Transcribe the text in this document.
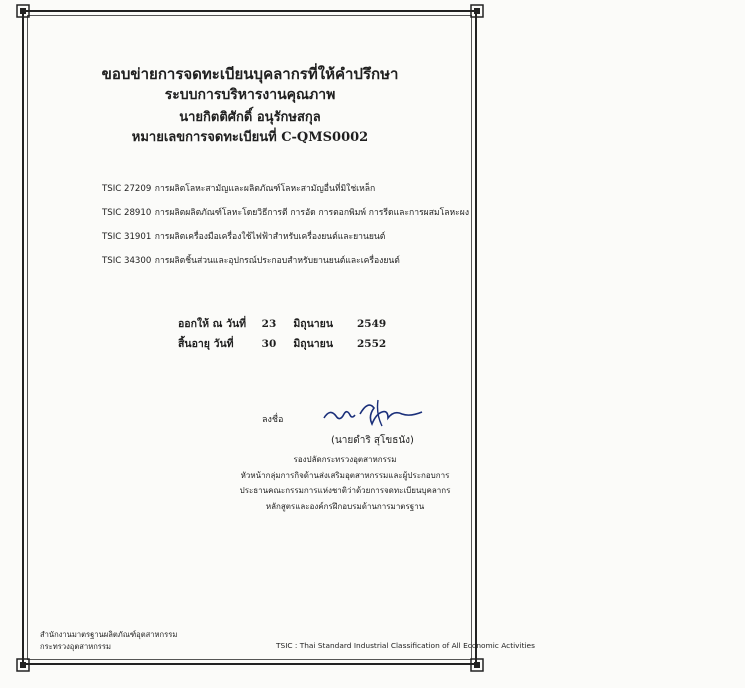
ขอบข่ายการจดทะเบียนบุคลากรที่ให้คำปรึกษา
ระบบการบริหารงานคุณภาพ
นายกิตติศักดิ์ อนุรักษสกุล
หมายเลขการจดทะเบียนที่ C-QMS0002
TSIC 27209 การผลิตโลหะสามัญและผลิตภัณฑ์โลหะสามัญอื่นที่มิใช่เหล็ก
TSIC 28910 การผลิตผลิตภัณฑ์โลหะโดยวิธีการตี การอัด การตอกพิมพ์ การรีดและการผสมโลหะผง
TSIC 31901 การผลิตเครื่องมือเครื่องใช้ไฟฟ้าสำหรับเครื่องยนต์และยานยนต์
TSIC 34300 การผลิตชิ้นส่วนและอุปกรณ์ประกอบสำหรับยานยนต์และเครื่องยนต์
ออกให้ ณ วันที่ 23 มิถุนายน 2549
สิ้นอายุ วันที่	30 มิถุนายน 2552
ลงชื่อ
(นายดำริ สุโขธนัง)
รองปลัดกระทรวงอุตสาหกรรม
หัวหน้ากลุ่มการกิจด้านส่งเสริมอุตสาหกรรมและผู้ประกอบการ
ประธานคณะกรรมการแห่งชาติว่าด้วยการจดทะเบียนบุคลากร
หลักสูตรและองค์กรฝึกอบรมด้านการมาตรฐาน
สำนักงานมาตรฐานผลิตภัณฑ์อุตสาหกรรม
กระทรวงอุตสาหกรรม	TSIC : Thai Standard Industrial Classification of All Economic Activities
